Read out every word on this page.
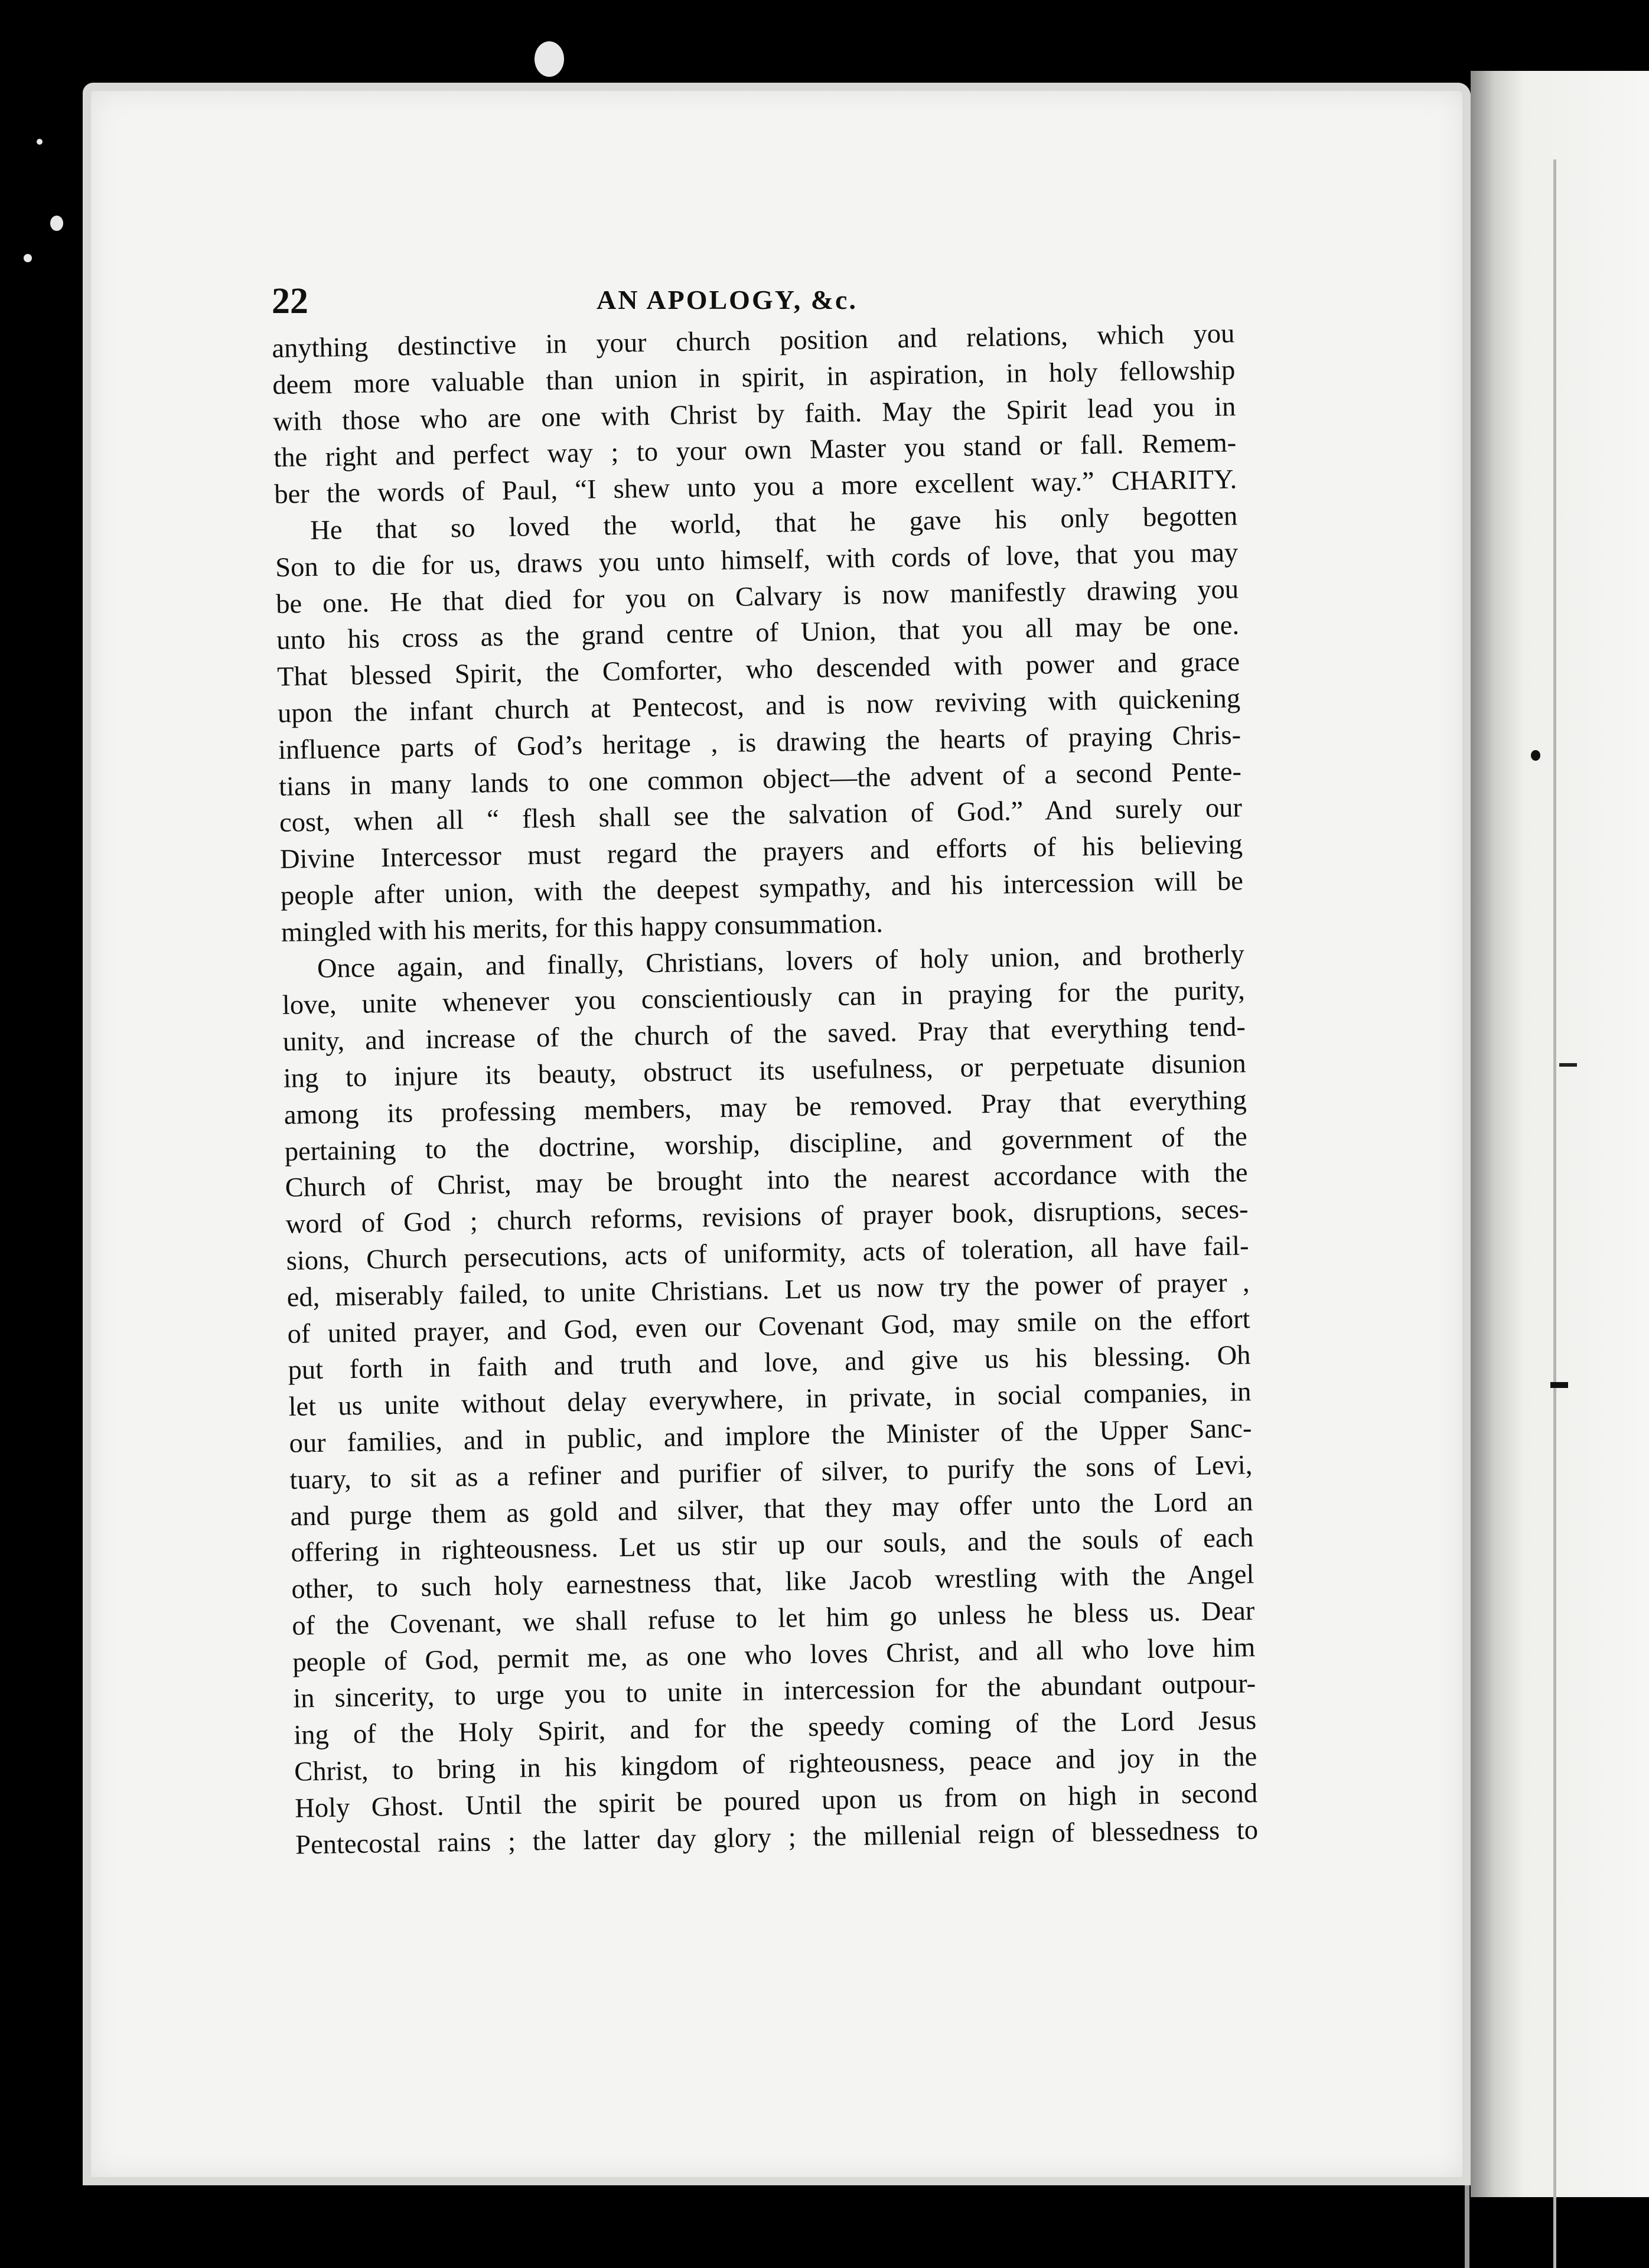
22	AN APOLOGY, &c.
anything destinctive in your church position and relations, which you
deem more valuable than union in spirit, in aspiration, in holy fellowship
with those who are one with Christ by faith. May the Spirit lead you in
the right and perfect way ; to your own Master you stand or fall. Remem-
ber the words of Paul, “I shew unto you a more excellent way.” CHARITY.
He that so loved the world, that he gave his only begotten
Son to die for us, draws you unto himself, with cords of love, that you may
be one. He that died for you on Calvary is now manifestly drawing you
unto his cross as the grand centre of Union, that you all may be one.
That blessed Spirit, the Comforter, who descended with power and grace
upon the infant church at Pentecost, and is now reviving with quickening
influence parts of God’s heritage , is drawing the hearts of praying Chris-
tians in many lands to one common object—the advent of a second Pente-
cost, when all “ flesh shall see the salvation of God.” And surely our
Divine Intercessor must regard the prayers and efforts of his believing
people after union, with the deepest sympathy, and his intercession will be
mingled with his merits, for this happy consummation.
Once again, and finally, Christians, lovers of holy union, and brotherly
love, unite whenever you conscientiously can in praying for the purity,
unity, and increase of the church of the saved. Pray that everything tend-
ing to injure its beauty, obstruct its usefulness, or perpetuate disunion
among its professing members, may be removed. Pray that everything
pertaining to the doctrine, worship, discipline, and government of the
Church of Christ, may be brought into the nearest accordance with the
word of God ; church reforms, revisions of prayer book, disruptions, seces-
sions, Church persecutions, acts of uniformity, acts of toleration, all have fail-
ed, miserably failed, to unite Christians. Let us now try the power of prayer ,
of united prayer, and God, even our Covenant God, may smile on the effort
put forth in faith and truth and love, and give us his blessing. Oh
let us unite without delay everywhere, in private, in social companies, in
our families, and in public, and implore the Minister of the Upper Sanc-
tuary, to sit as a refiner and purifier of silver, to purify the sons of Levi,
and purge them as gold and silver, that they may offer unto the Lord an
offering in righteousness. Let us stir up our souls, and the souls of each
other, to such holy earnestness that, like Jacob wrestling with the Angel
of the Covenant, we shall refuse to let him go unless he bless us. Dear
people of God, permit me, as one who loves Christ, and all who love him
in sincerity, to urge you to unite in intercession for the abundant outpour-
ing of the Holy Spirit, and for the speedy coming of the Lord Jesus
Christ, to bring in his kingdom of righteousness, peace and joy in the
Holy Ghost. Until the spirit be poured upon us from on high in second
Pentecostal rains ; the latter day glory ; the millenial reign of blessedness to
